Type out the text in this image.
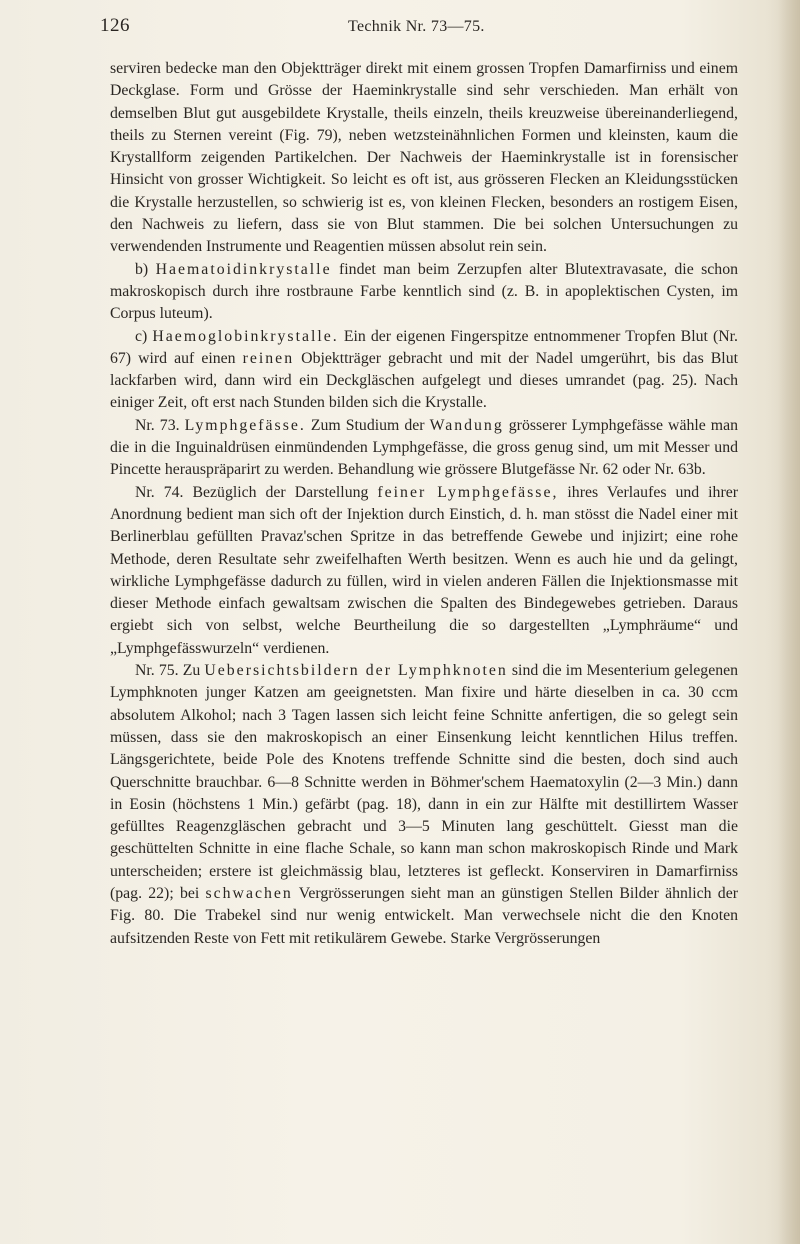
126	Technik Nr. 73—75.

serviren bedecke man den Objektträger direkt mit einem grossen Tropfen Damarfirniss und einem Deckglase. Form und Grösse der Haeminkrystalle sind sehr verschieden. Man erhält von demselben Blut gut ausgebildete Krystalle, theils einzeln, theils kreuzweise übereinanderliegend, theils zu Sternen vereint (Fig. 79), neben wetzsteinähnlichen Formen und kleinsten, kaum die Krystallform zeigenden Partikelchen. Der Nachweis der Haeminkrystalle ist in forensischer Hinsicht von grosser Wichtigkeit. So leicht es oft ist, aus grösseren Flecken an Kleidungsstücken die Krystalle herzustellen, so schwierig ist es, von kleinen Flecken, besonders an rostigem Eisen, den Nachweis zu liefern, dass sie von Blut stammen. Die bei solchen Untersuchungen zu verwendenden Instrumente und Reagentien müssen absolut rein sein.

b) Haematoidinkrystalle findet man beim Zerzupfen alter Blutextravasate, die schon makroskopisch durch ihre rostbraune Farbe kenntlich sind (z. B. in apoplektischen Cysten, im Corpus luteum).

c) Haemoglobinkrystalle. Ein der eigenen Fingerspitze entnommener Tropfen Blut (Nr. 67) wird auf einen reinen Objektträger gebracht und mit der Nadel umgerührt, bis das Blut lackfarben wird, dann wird ein Deckgläschen aufgelegt und dieses umrandet (pag. 25). Nach einiger Zeit, oft erst nach Stunden bilden sich die Krystalle.

Nr. 73. Lymphgefässe. Zum Studium der Wandung grösserer Lymphgefässe wähle man die in die Inguinaldrüsen einmündenden Lymphgefässe, die gross genug sind, um mit Messer und Pincette herauspräparirt zu werden. Behandlung wie grössere Blutgefässe Nr. 62 oder Nr. 63b.

Nr. 74. Bezüglich der Darstellung feiner Lymphgefässe, ihres Verlaufes und ihrer Anordnung bedient man sich oft der Injektion durch Einstich, d. h. man stösst die Nadel einer mit Berlinerblau gefüllten Pravaz'schen Spritze in das betreffende Gewebe und injizirt; eine rohe Methode, deren Resultate sehr zweifelhaften Werth besitzen. Wenn es auch hie und da gelingt, wirkliche Lymphgefässe dadurch zu füllen, wird in vielen anderen Fällen die Injektionsmasse mit dieser Methode einfach gewaltsam zwischen die Spalten des Bindegewebes getrieben. Daraus ergiebt sich von selbst, welche Beurtheilung die so dargestellten „Lymphräume“ und „Lymphgefässwurzeln“ verdienen.

Nr. 75. Zu Uebersichtsbildern der Lymphknoten sind die im Mesenterium gelegenen Lymphknoten junger Katzen am geeignetsten. Man fixire und härte dieselben in ca. 30 ccm absolutem Alkohol; nach 3 Tagen lassen sich leicht feine Schnitte anfertigen, die so gelegt sein müssen, dass sie den makroskopisch an einer Einsenkung leicht kenntlichen Hilus treffen. Längsgerichtete, beide Pole des Knotens treffende Schnitte sind die besten, doch sind auch Querschnitte brauchbar. 6—8 Schnitte werden in Böhmer'schem Haematoxylin (2—3 Min.) dann in Eosin (höchstens 1 Min.) gefärbt (pag. 18), dann in ein zur Hälfte mit destillirtem Wasser gefülltes Reagenzgläschen gebracht und 3—5 Minuten lang geschüttelt. Giesst man die geschüttelten Schnitte in eine flache Schale, so kann man schon makroskopisch Rinde und Mark unterscheiden; erstere ist gleichmässig blau, letzteres ist gefleckt. Konserviren in Damarfirniss (pag. 22); bei schwachen Vergrösserungen sieht man an günstigen Stellen Bilder ähnlich der Fig. 80. Die Trabekel sind nur wenig entwickelt. Man verwechsele nicht die den Knoten aufsitzenden Reste von Fett mit retikulärem Gewebe. Starke Vergrösserungen
